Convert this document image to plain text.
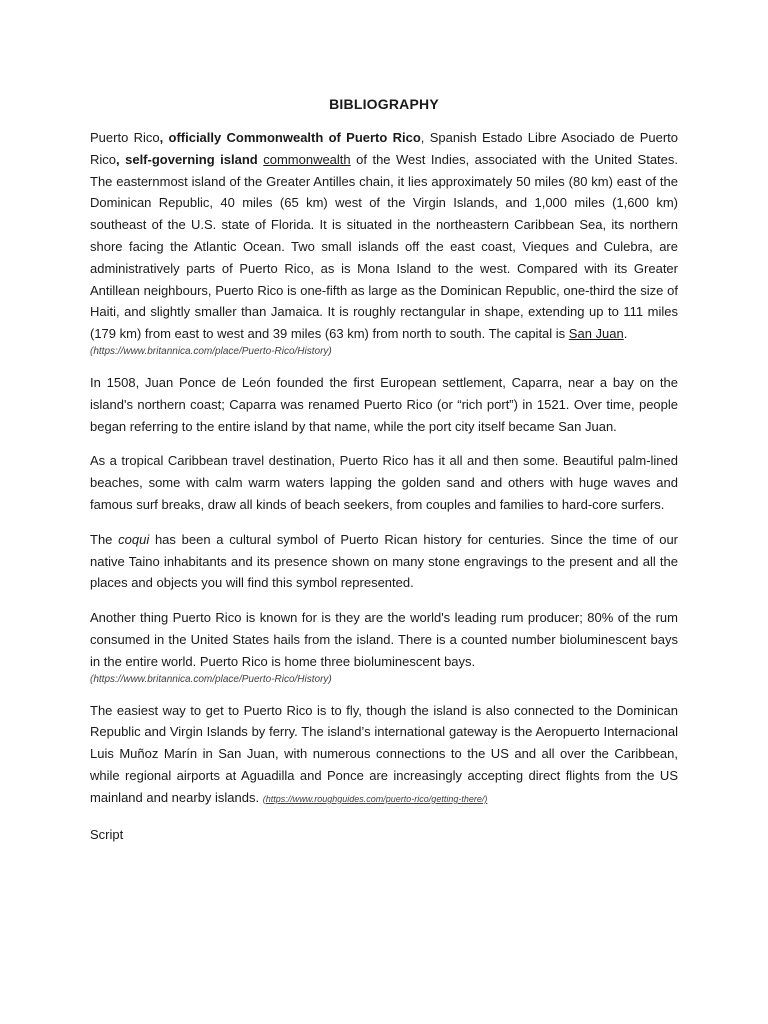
BIBLIOGRAPHY

Puerto Rico, officially Commonwealth of Puerto Rico, Spanish Estado Libre Asociado de Puerto Rico, self-governing island commonwealth of the West Indies, associated with the United States. The easternmost island of the Greater Antilles chain, it lies approximately 50 miles (80 km) east of the Dominican Republic, 40 miles (65 km) west of the Virgin Islands, and 1,000 miles (1,600 km) southeast of the U.S. state of Florida. It is situated in the northeastern Caribbean Sea, its northern shore facing the Atlantic Ocean. Two small islands off the east coast, Vieques and Culebra, are administratively parts of Puerto Rico, as is Mona Island to the west. Compared with its Greater Antillean neighbours, Puerto Rico is one-fifth as large as the Dominican Republic, one-third the size of Haiti, and slightly smaller than Jamaica. It is roughly rectangular in shape, extending up to 111 miles (179 km) from east to west and 39 miles (63 km) from north to south. The capital is San Juan.
(https://www.britannica.com/place/Puerto-Rico/History)

In 1508, Juan Ponce de León founded the first European settlement, Caparra, near a bay on the island's northern coast; Caparra was renamed Puerto Rico (or “rich port”) in 1521. Over time, people began referring to the entire island by that name, while the port city itself became San Juan.

As a tropical Caribbean travel destination, Puerto Rico has it all and then some. Beautiful palm-lined beaches, some with calm warm waters lapping the golden sand and others with huge waves and famous surf breaks, draw all kinds of beach seekers, from couples and families to hard-core surfers.

The coqui has been a cultural symbol of Puerto Rican history for centuries. Since the time of our native Taino inhabitants and its presence shown on many stone engravings to the present and all the places and objects you will find this symbol represented.

Another thing Puerto Rico is known for is they are the world's leading rum producer; 80% of the rum consumed in the United States hails from the island. There is a counted number bioluminescent bays in the entire world. Puerto Rico is home three bioluminescent bays.
(https://www.britannica.com/place/Puerto-Rico/History)

The easiest way to get to Puerto Rico is to fly, though the island is also connected to the Dominican Republic and Virgin Islands by ferry. The island’s international gateway is the Aeropuerto Internacional Luis Muñoz Marín in San Juan, with numerous connections to the US and all over the Caribbean, while regional airports at Aguadilla and Ponce are increasingly accepting direct flights from the US mainland and nearby islands. (https://www.roughguides.com/puerto-rico/getting-there/)

Script
